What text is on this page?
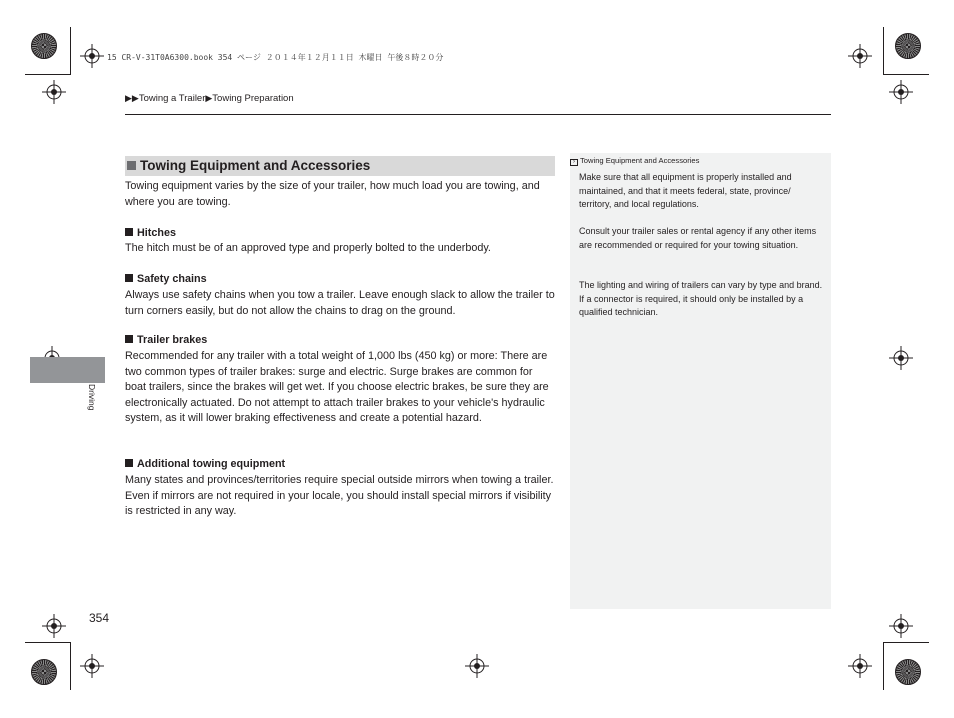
15 CR-V-31T0A6300.book 354 ページ ２０１４年１２月１１日 木曜日 午後８時２０分
▶▶Towing a Trailer▶Towing Preparation
Towing Equipment and Accessories
Towing equipment varies by the size of your trailer, how much load you are towing, and where you are towing.
Hitches
The hitch must be of an approved type and properly bolted to the underbody.
Safety chains
Always use safety chains when you tow a trailer. Leave enough slack to allow the trailer to turn corners easily, but do not allow the chains to drag on the ground.
Trailer brakes
Recommended for any trailer with a total weight of 1,000 lbs (450 kg) or more: There are two common types of trailer brakes: surge and electric. Surge brakes are common for boat trailers, since the brakes will get wet. If you choose electric brakes, be sure they are electronically actuated. Do not attempt to attach trailer brakes to your vehicle's hydraulic system, as it will lower braking effectiveness and create a potential hazard.
Additional towing equipment
Many states and provinces/territories require special outside mirrors when towing a trailer. Even if mirrors are not required in your locale, you should install special mirrors if visibility is restricted in any way.
Driving
› Towing Equipment and Accessories
Make sure that all equipment is properly installed and maintained, and that it meets federal, state, province/ territory, and local regulations.
Consult your trailer sales or rental agency if any other items are recommended or required for your towing situation.
The lighting and wiring of trailers can vary by type and brand. If a connector is required, it should only be installed by a qualified technician.
354
